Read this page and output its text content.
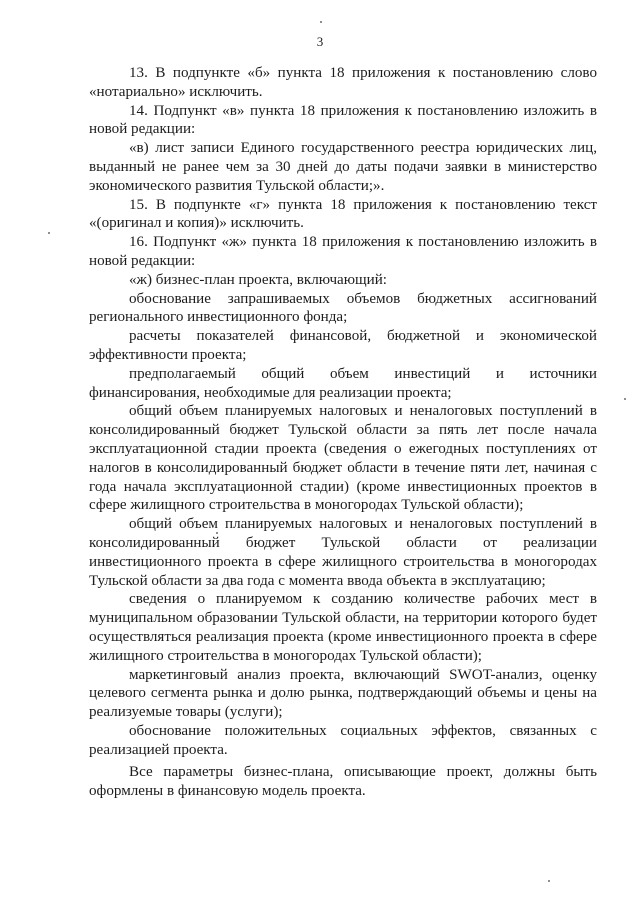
3

13. В подпункте «б» пункта 18 приложения к постановлению слово «нотариально» исключить.

14. Подпункт «в» пункта 18 приложения к постановлению изложить в новой редакции:

«в) лист записи Единого государственного реестра юридических лиц, выданный не ранее чем за 30 дней до даты подачи заявки в министерство экономического развития Тульской области;».

15. В подпункте «г» пункта 18 приложения к постановлению текст «(оригинал и копия)» исключить.

16. Подпункт «ж» пункта 18 приложения к постановлению изложить в новой редакции:

«ж) бизнес-план проекта, включающий:

обоснование запрашиваемых объемов бюджетных ассигнований регионального инвестиционного фонда;

расчеты показателей финансовой, бюджетной и экономической эффективности проекта;

предполагаемый общий объем инвестиций и источники финансирования, необходимые для реализации проекта;

общий объем планируемых налоговых и неналоговых поступлений в консолидированный бюджет Тульской области за пять лет после начала эксплуатационной стадии проекта (сведения о ежегодных поступлениях от налогов в консолидированный бюджет области в течение пяти лет, начиная с года начала эксплуатационной стадии) (кроме инвестиционных проектов в сфере жилищного строительства в моногородах Тульской области);

общий объем планируемых налоговых и неналоговых поступлений в консолидированный бюджет Тульской области от реализации инвестиционного проекта в сфере жилищного строительства в моногородах Тульской области за два года с момента ввода объекта в эксплуатацию;

сведения о планируемом к созданию количестве рабочих мест в муниципальном образовании Тульской области, на территории которого будет осуществляться реализация проекта (кроме инвестиционного проекта в сфере жилищного строительства в моногородах Тульской области);

маркетинговый анализ проекта, включающий SWOT-анализ, оценку целевого сегмента рынка и долю рынка, подтверждающий объемы и цены на реализуемые товары (услуги);

обоснование положительных социальных эффектов, связанных с реализацией проекта.

Все параметры бизнес-плана, описывающие проект, должны быть оформлены в финансовую модель проекта.
